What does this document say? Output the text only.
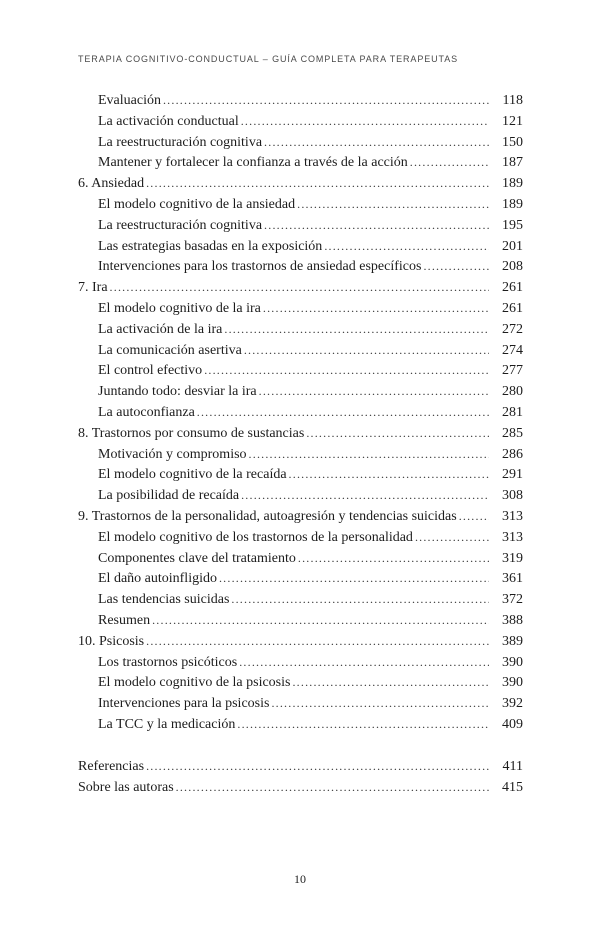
TERAPIA COGNITIVO-CONDUCTUAL – GUÍA COMPLETA PARA TERAPEUTAS
Evaluación .....	118
La activación conductual .....	121
La reestructuración cognitiva .....	150
Mantener y fortalecer la confianza a través de la acción .....	187
6. Ansiedad .....	189
El modelo cognitivo de la ansiedad .....	189
La reestructuración cognitiva .....	195
Las estrategias basadas en la exposición .....	201
Intervenciones para los trastornos de ansiedad específicos .....	208
7. Ira .....	261
El modelo cognitivo de la ira .....	261
La activación de la ira .....	272
La comunicación asertiva .....	274
El control efectivo .....	277
Juntando todo: desviar la ira .....	280
La autoconfianza .....	281
8. Trastornos por consumo de sustancias .....	285
Motivación y compromiso .....	286
El modelo cognitivo de la recaída .....	291
La posibilidad de recaída .....	308
9. Trastornos de la personalidad, autoagresión y tendencias suicidas .....	313
El modelo cognitivo de los trastornos de la personalidad .....	313
Componentes clave del tratamiento .....	319
El daño autoinfligido .....	361
Las tendencias suicidas .....	372
Resumen .....	388
10. Psicosis .....	389
Los trastornos psicóticos .....	390
El modelo cognitivo de la psicosis .....	390
Intervenciones para la psicosis .....	392
La TCC y la medicación .....	409
Referencias .....	411
Sobre las autoras .....	415
10
